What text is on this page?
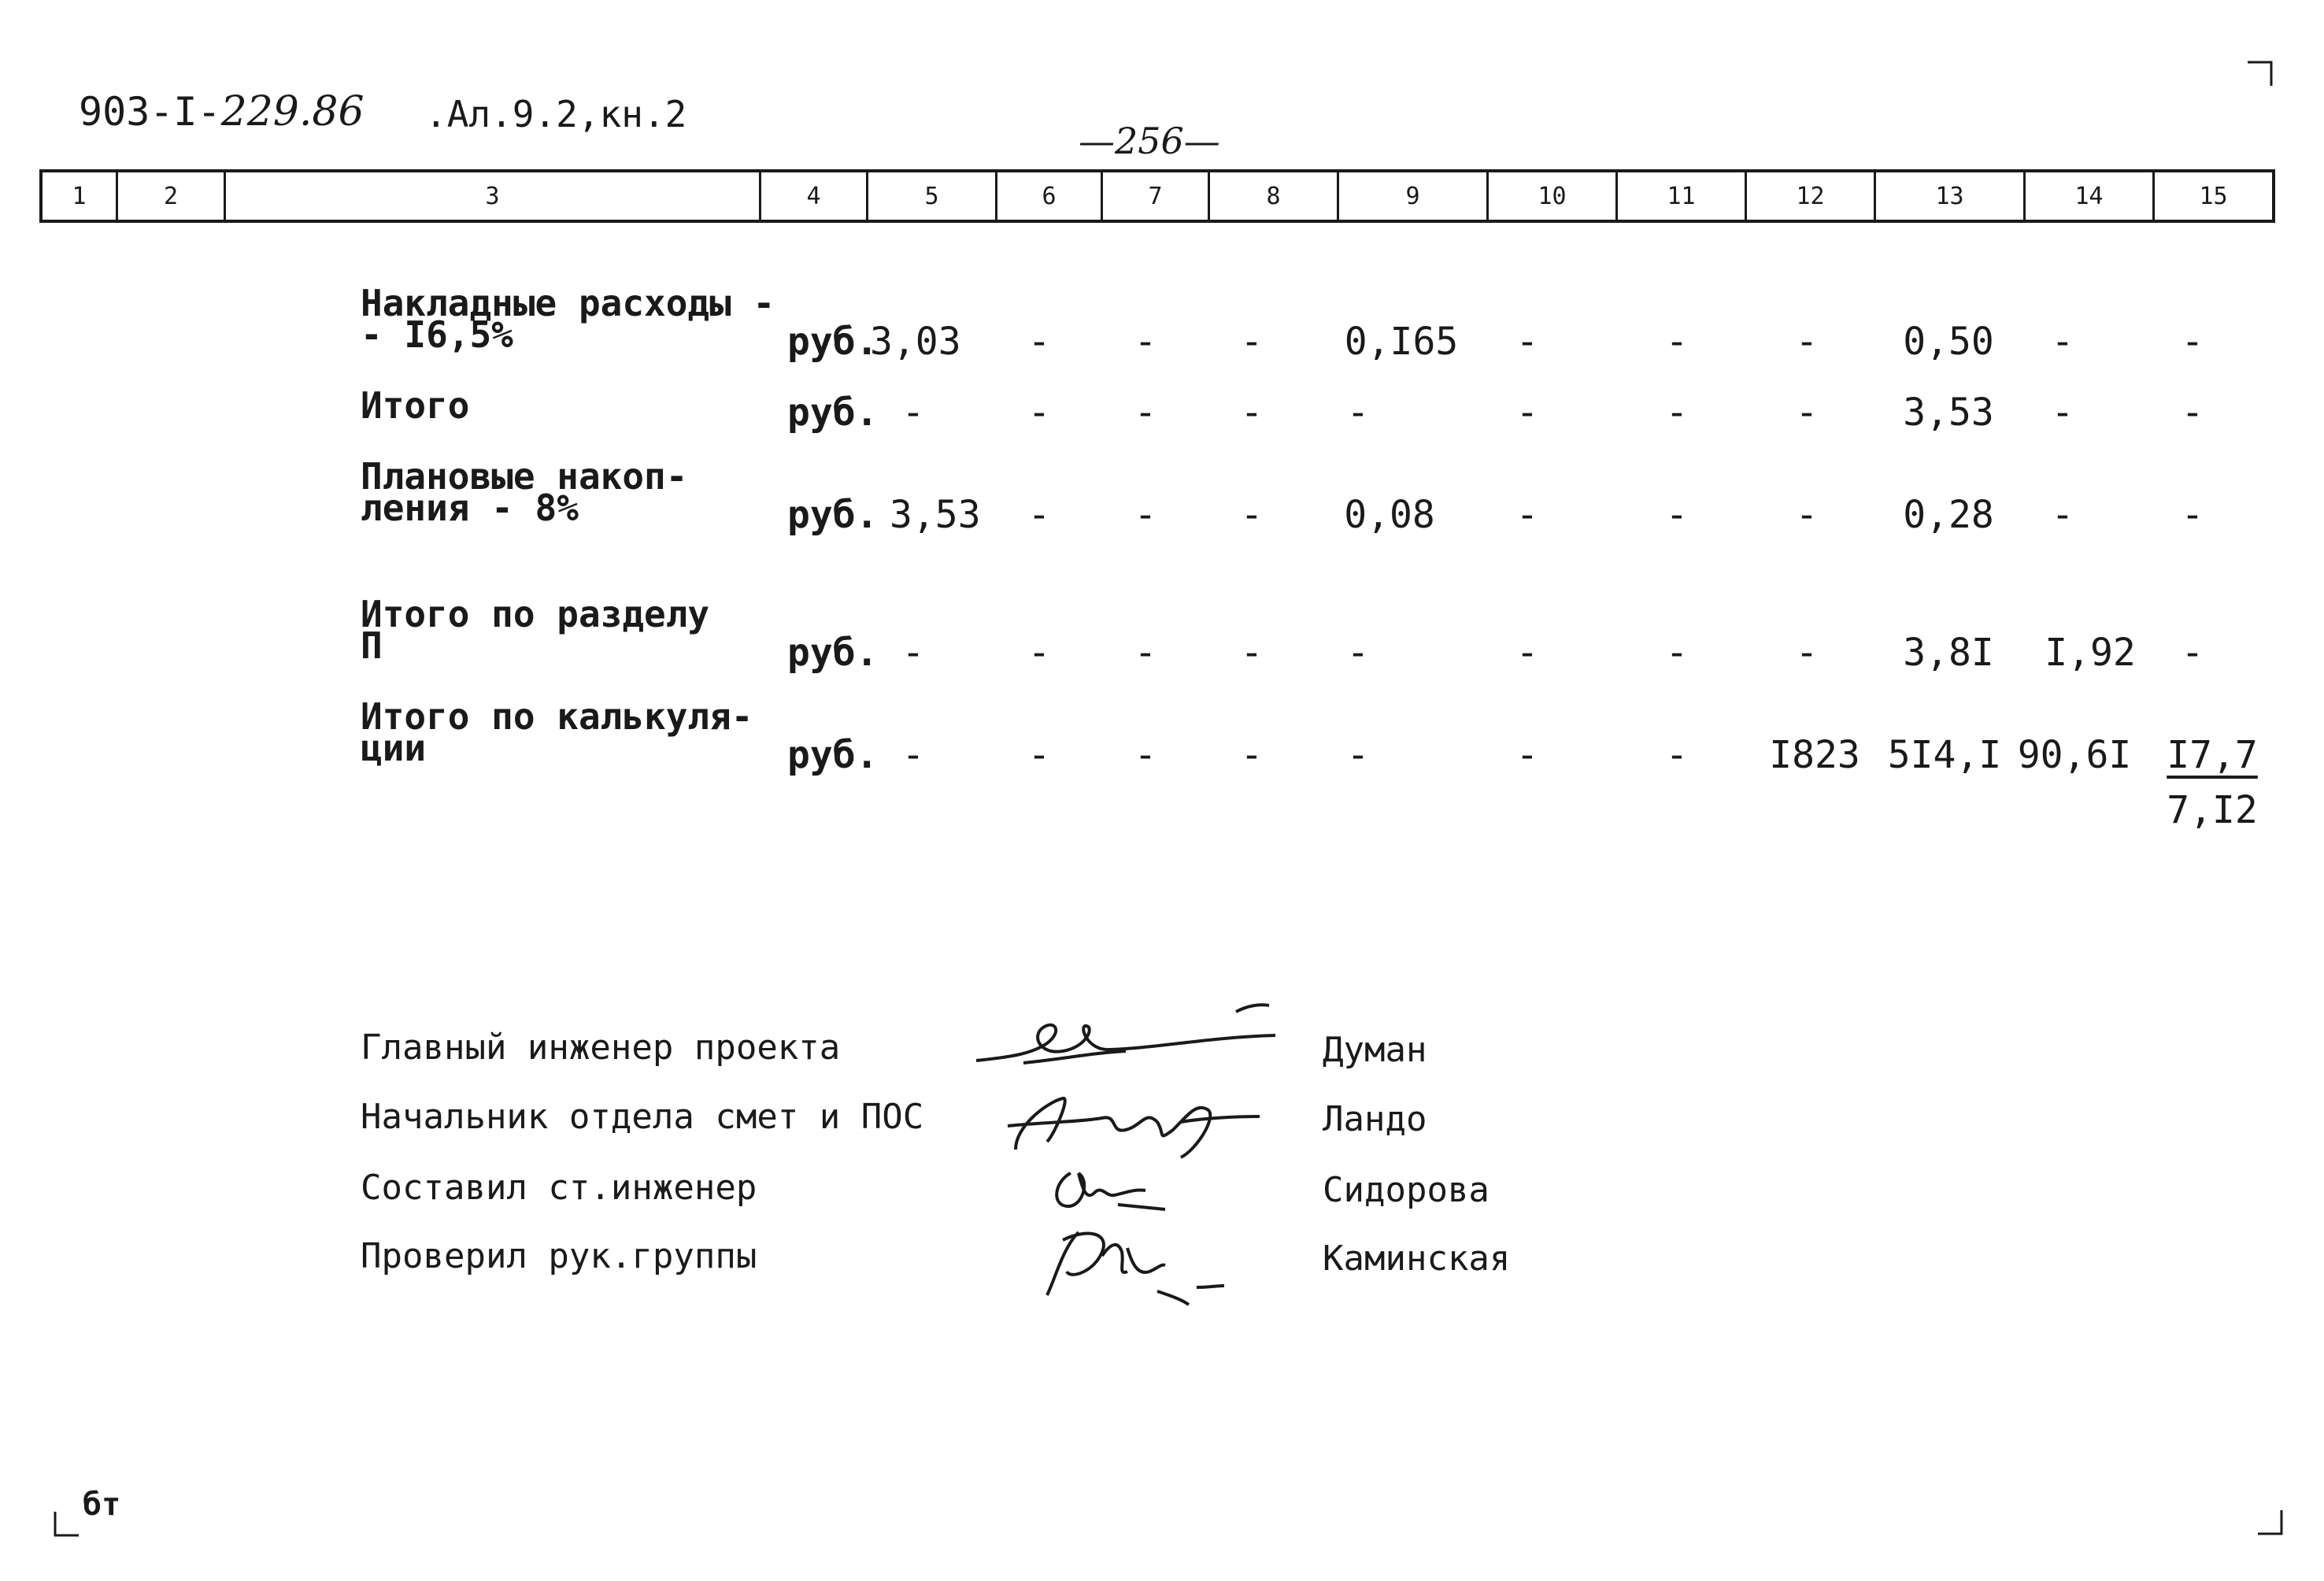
903-I-229.86 .Ал.9.2,кн.2
—256—
1	2	3	4	5	6	7	8	9	10	11	12	13	14	15
Накладные расходы -
- I6,5%	руб.
3,03	-	-	-	0,I65	-	-	-	0,50	-	-
Итого	руб. -	-	-	-	-	-	-	-	3,53	-	-
Плановые накоп-
ления - 8%	руб. 3,53	-	-	-	0,08	-	-	-	0,28	-	-
Итого по разделу
П	руб. -	-	-	-	-	-	-	-	3,8I	I,92	-
Итого по калькуля-
ции	руб. -	-	-	-	-	-	-	I823 5I4,I 90,6I I7,7
7,I2
Главный инженер проекта
Начальник отдела смет и ПОС
Составил ст.инженер
Проверил рук.группы
Думан
Ландо
Сидорова
Каминская
бт
